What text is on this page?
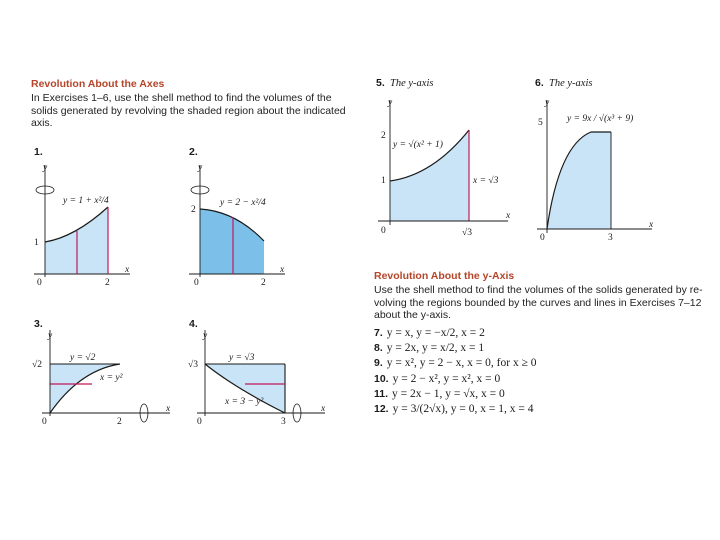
Revolution About the Axes
In Exercises 1–6, use the shell method to find the volumes of the
solids generated by revolving the shaded region about the indicated
axis.
1.
y
x
y = 1 + x²/4
1
0	2
2.
y
x
y = 2 − x²/4
2
0	2
3.
y
x
y = √2
x = y²
√2
0	2
4.
y
x
y = √3
x = 3 − y²
√3
0	3
5. The y-axis
y
x
y = √(x² + 1)
x = √3
2
1
0	√3
6. The y-axis
y
x
y = 9x / √(x³ + 9)
5
0	3
Revolution About the y-Axis
Use the shell method to find the volumes of the solids generated by re-
volving the regions bounded by the curves and lines in Exercises 7–12
about the y-axis.
7. y = x, y = −x/2, x = 2
8. y = 2x, y = x/2, x = 1
9. y = x², y = 2 − x, x = 0, for x ≥ 0
10. y = 2 − x², y = x², x = 0
11. y = 2x − 1, y = √x, x = 0
12. y = 3/(2√x), y = 0, x = 1, x = 4
